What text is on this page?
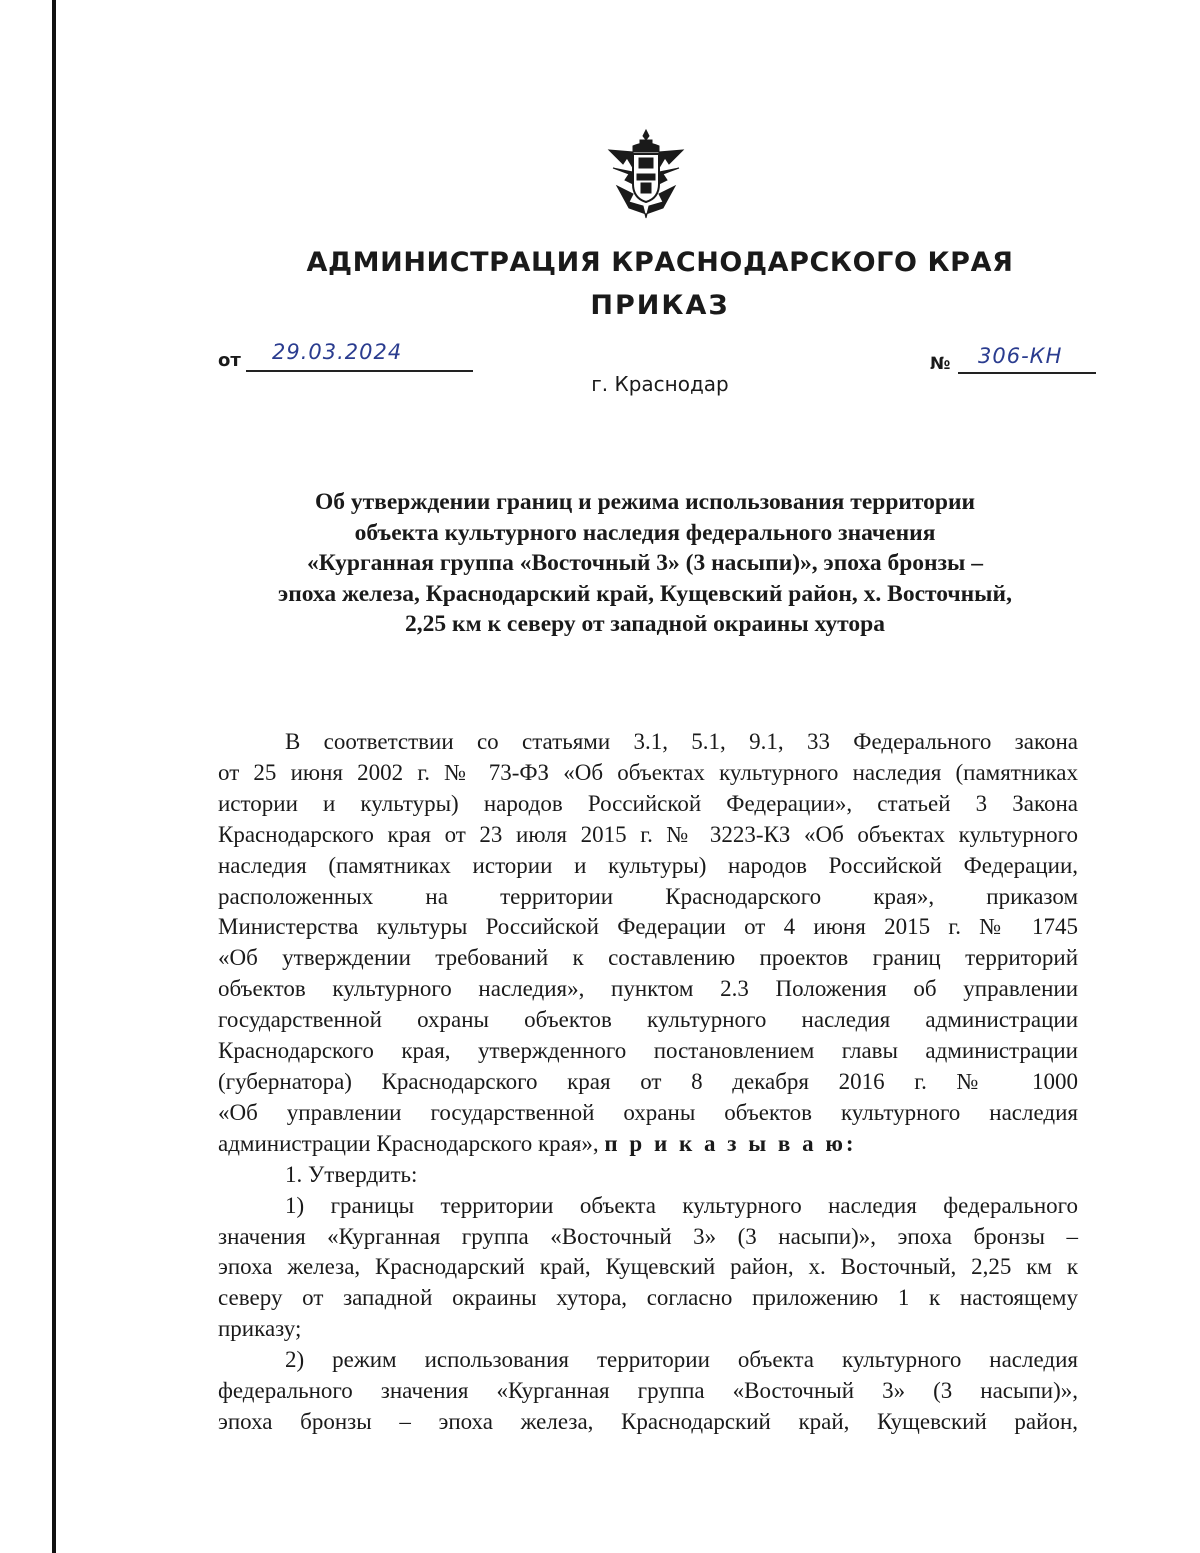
АДМИНИСТРАЦИЯ КРАСНОДАРСКОГО КРАЯ
ПРИКАЗ
от 29.03.2024	№ 306-КН
г. Краснодар
Об утверждении границ и режима использования территории
объекта культурного наследия федерального значения
«Курганная группа «Восточный 3» (3 насыпи)», эпоха бронзы –
эпоха железа, Краснодарский край, Кущевский район, х. Восточный,
2,25 км к северу от западной окраины хутора
В соответствии со статьями 3.1, 5.1, 9.1, 33 Федерального закона
от 25 июня 2002 г. № 73-ФЗ «Об объектах культурного наследия (памятниках
истории и культуры) народов Российской Федерации», статьей 3 Закона
Краснодарского края от 23 июля 2015 г. № 3223-КЗ «Об объектах культурного
наследия (памятниках истории и культуры) народов Российской Федерации,
расположенных на территории Краснодарского края», приказом
Министерства культуры Российской Федерации от 4 июня 2015 г. № 1745
«Об утверждении требований к составлению проектов границ территорий
объектов культурного наследия», пунктом 2.3 Положения об управлении
государственной охраны объектов культурного наследия администрации
Краснодарского края, утвержденного постановлением главы администрации
(губернатора) Краснодарского края от 8 декабря 2016 г. № 1000
«Об управлении государственной охраны объектов культурного наследия
администрации Краснодарского края», п р и к а з ы в а ю:
1. Утвердить:
1) границы территории объекта культурного наследия федерального
значения «Курганная группа «Восточный 3» (3 насыпи)», эпоха бронзы –
эпоха железа, Краснодарский край, Кущевский район, х. Восточный, 2,25 км к
севeру от западной окраины хутора, согласно приложению 1 к настоящему
приказу;
2) режим использования территории объекта культурного наследия
федерального значения «Курганная группа «Восточный 3» (3 насыпи)»,
эпоха бронзы – эпоха железа, Краснодарский край, Кущевский район,
